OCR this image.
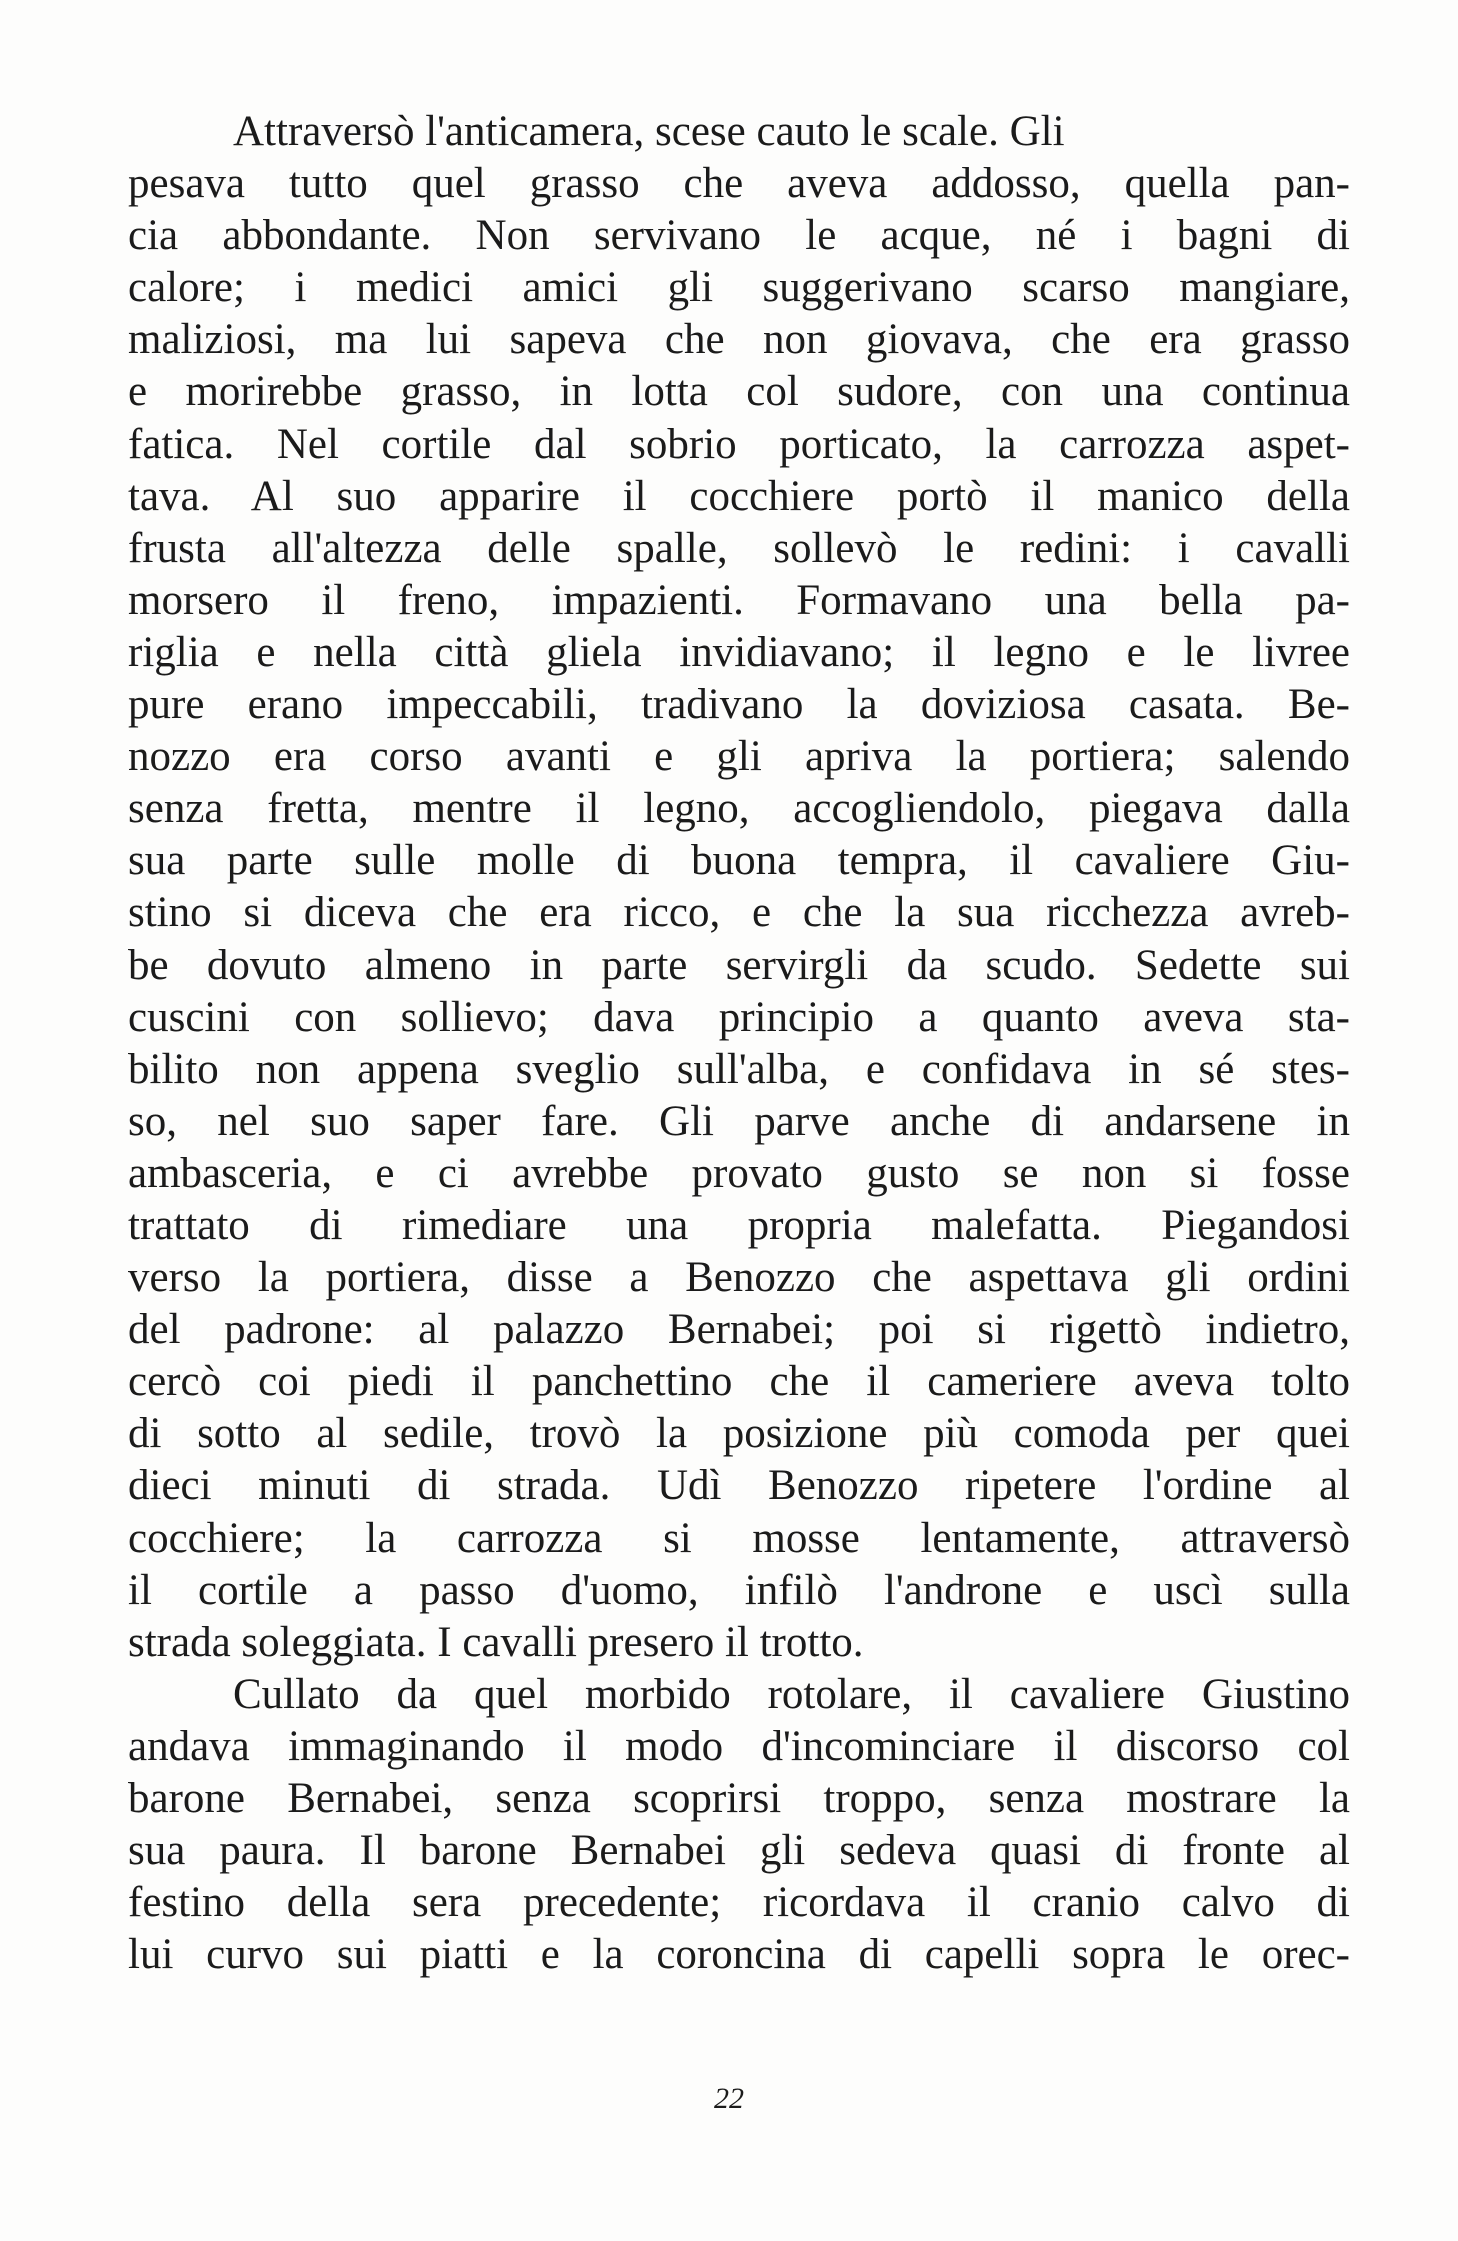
Attraversò l'anticamera, scese cauto le scale. Gli
pesava tutto quel grasso che aveva addosso, quella pan-
cia abbondante. Non servivano le acque, né i bagni di
calore; i medici amici gli suggerivano scarso mangiare,
maliziosi, ma lui sapeva che non giovava, che era grasso
e morirebbe grasso, in lotta col sudore, con una continua
fatica. Nel cortile dal sobrio porticato, la carrozza aspet-
tava. Al suo apparire il cocchiere portò il manico della
frusta all'altezza delle spalle, sollevò le redini: i cavalli
morsero il freno, impazienti. Formavano una bella pa-
riglia e nella città gliela invidiavano; il legno e le livree
pure erano impeccabili, tradivano la doviziosa casata. Be-
nozzo era corso avanti e gli apriva la portiera; salendo
senza fretta, mentre il legno, accogliendolo, piegava dalla
sua parte sulle molle di buona tempra, il cavaliere Giu-
stino si diceva che era ricco, e che la sua ricchezza avreb-
be dovuto almeno in parte servirgli da scudo. Sedette sui
cuscini con sollievo; dava principio a quanto aveva sta-
bilito non appena sveglio sull'alba, e confidava in sé stes-
so, nel suo saper fare. Gli parve anche di andarsene in
ambasceria, e ci avrebbe provato gusto se non si fosse
trattato di rimediare una propria malefatta. Piegandosi
verso la portiera, disse a Benozzo che aspettava gli ordini
del padrone: al palazzo Bernabei; poi si rigettò indietro,
cercò coi piedi il panchettino che il cameriere aveva tolto
di sotto al sedile, trovò la posizione più comoda per quei
dieci minuti di strada. Udì Benozzo ripetere l'ordine al
cocchiere; la carrozza si mosse lentamente, attraversò
il cortile a passo d'uomo, infilò l'androne e uscì sulla
strada soleggiata. I cavalli presero il trotto.
Cullato da quel morbido rotolare, il cavaliere Giustino
andava immaginando il modo d'incominciare il discorso col
barone Bernabei, senza scoprirsi troppo, senza mostrare la
sua paura. Il barone Bernabei gli sedeva quasi di fronte al
festino della sera precedente; ricordava il cranio calvo di
lui curvo sui piatti e la coroncina di capelli sopra le orec-
22
